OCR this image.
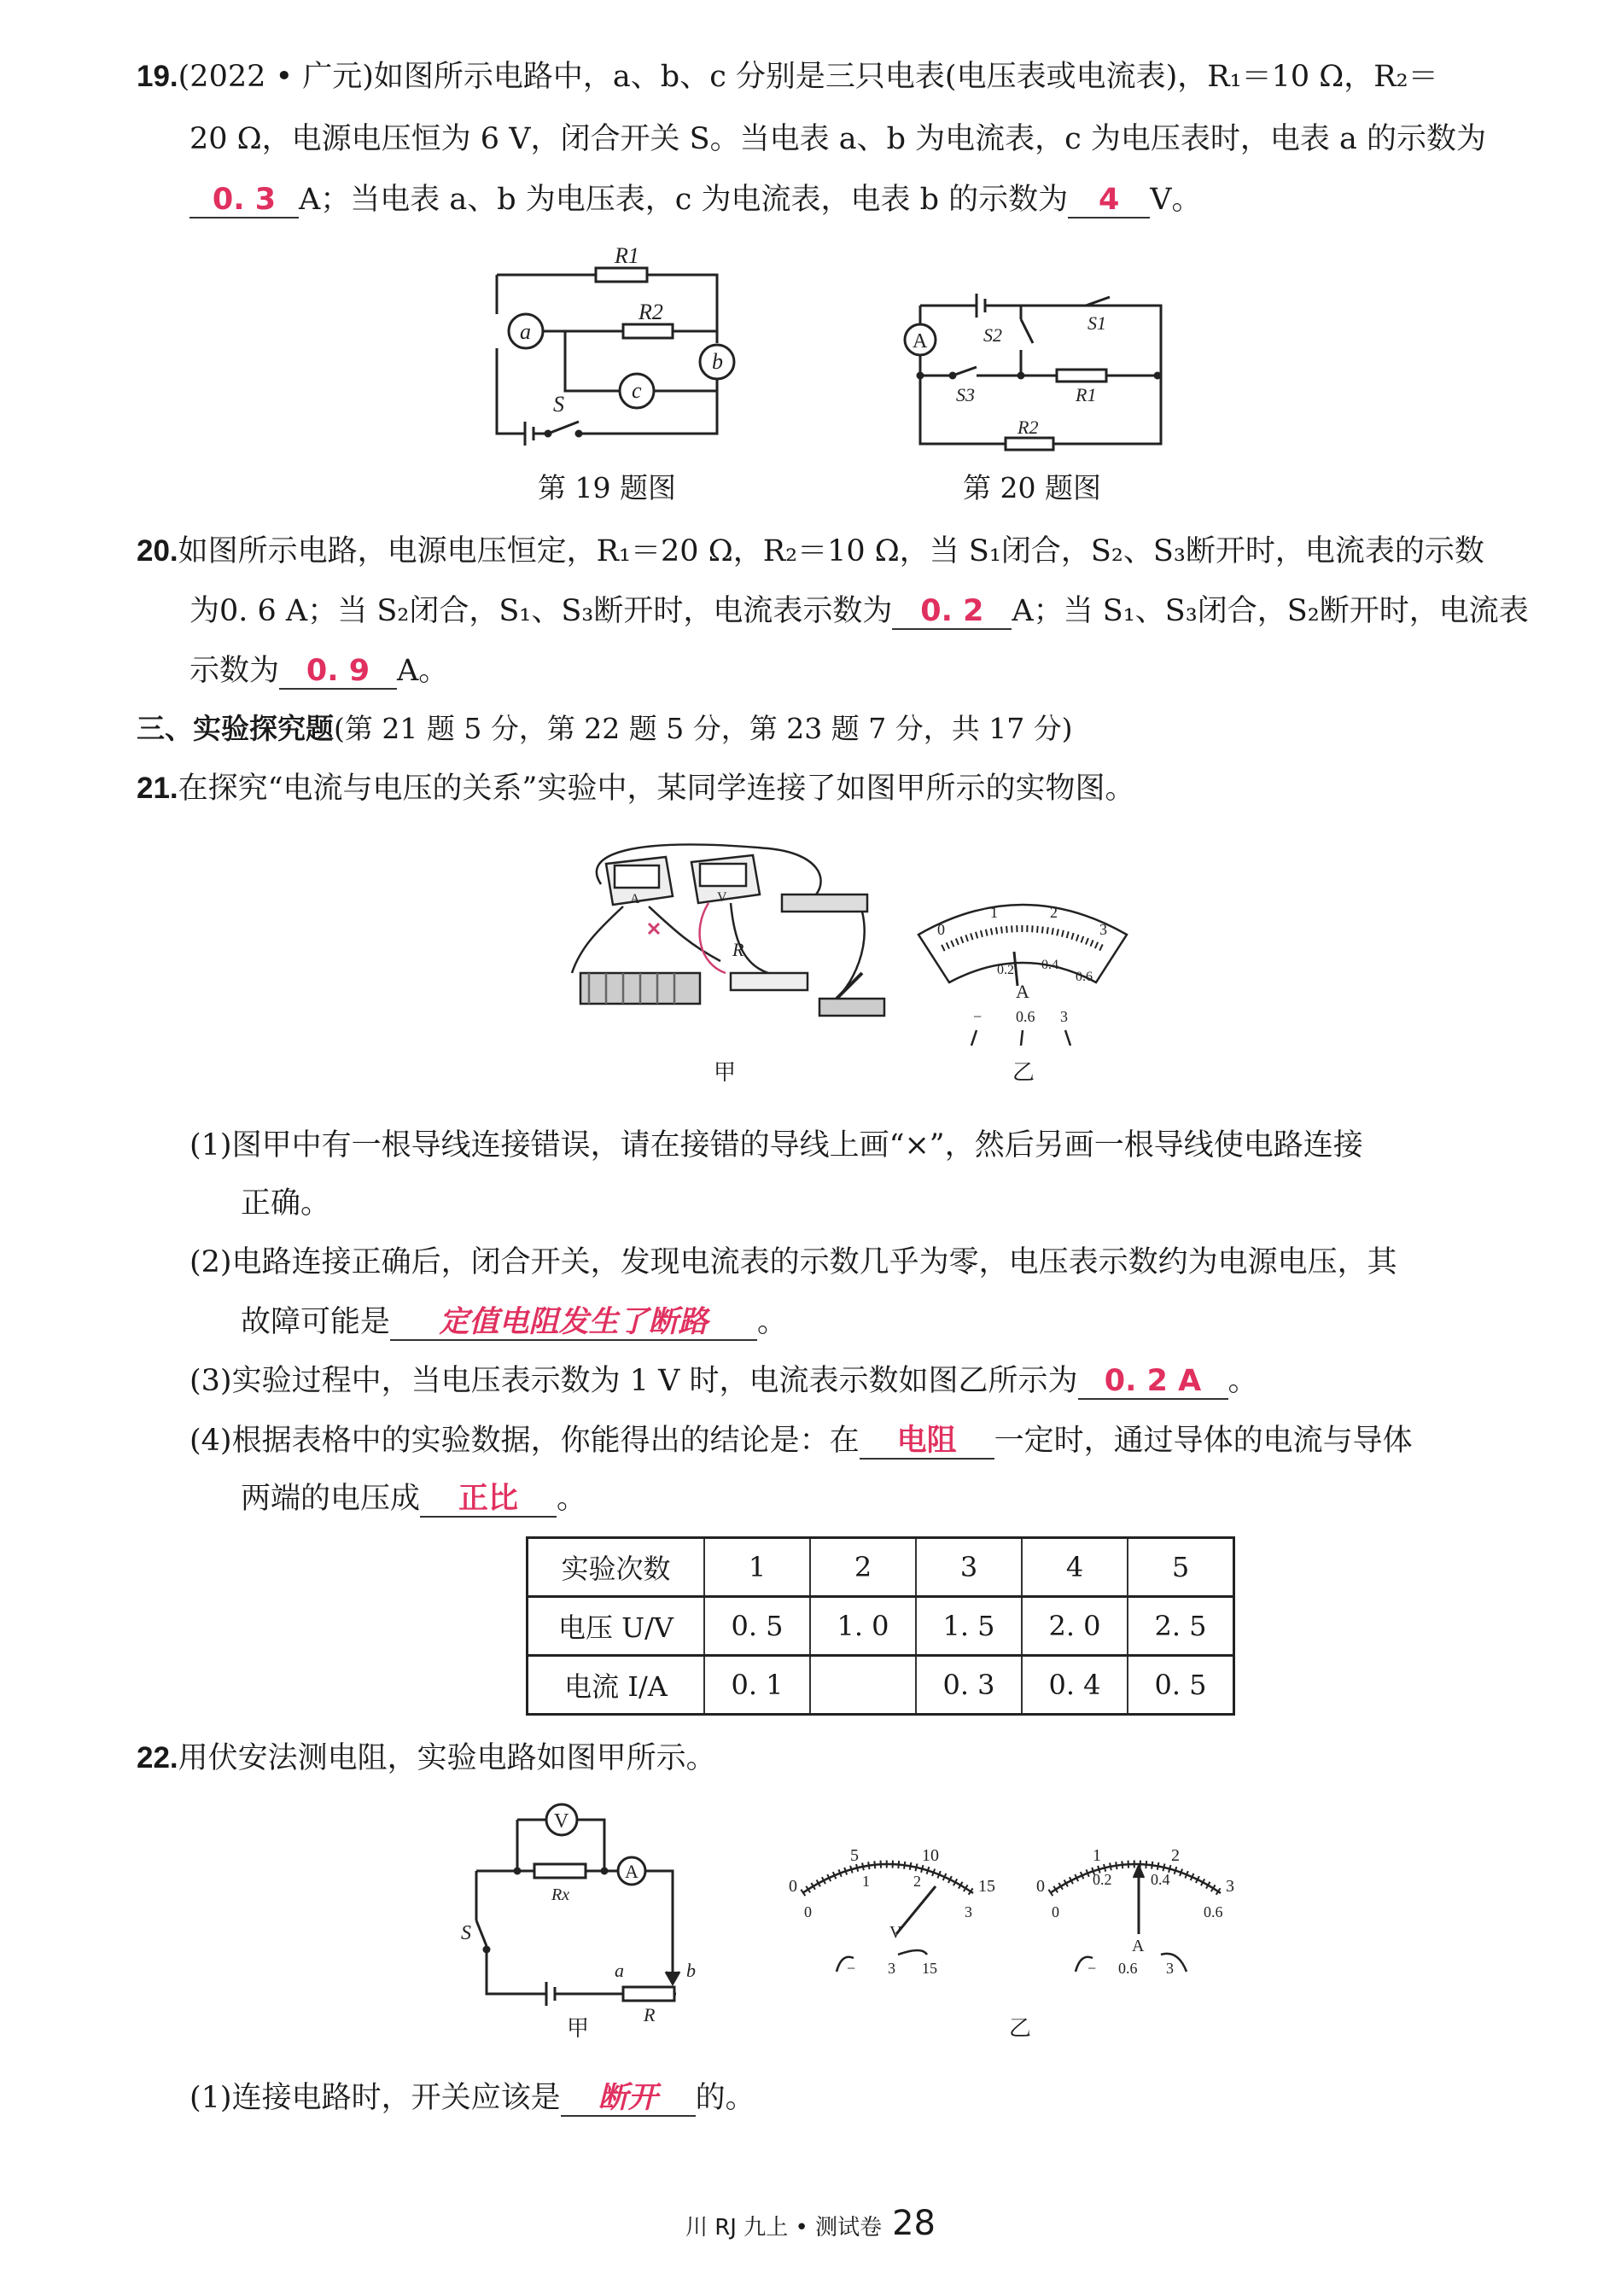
19.(2022 • 广元)如图所示电路中，a、b、c 分别是三只电表(电压表或电流表)，R₁＝10 Ω，R₂＝
20 Ω，电源电压恒为 6 V，闭合开关 S。当电表 a、b 为电流表，c 为电压表时，电表 a 的示数为
0. 3 A；当电表 a、b 为电压表，c 为电流表，电表 b 的示数为 4 V。
R1
a
R2
b
c
S
第 19 题图
A
S1
S2
S3	R1
R2
第 20 题图
20.如图所示电路，电源电压恒定，R₁＝20 Ω，R₂＝10 Ω，当 S₁闭合，S₂、S₃断开时，电流表的示数
为0. 6 A；当 S₂闭合，S₁、S₃断开时，电流表示数为 0. 2 A；当 S₁、S₃闭合，S₂断开时，电流表
示数为 0. 9 A。
三、实验探究题(第 21 题 5 分，第 22 题 5 分，第 23 题 7 分，共 17 分)
21.在探究“电流与电压的关系”实验中，某同学连接了如图甲所示的实物图。
A	V
R
甲
0
1	2
3
0.2 0.4
0.6
A
− 0.6 3
乙
(1)图甲中有一根导线连接错误，请在接错的导线上画“×”，然后另画一根导线使电路连接
正确。
(2)电路连接正确后，闭合开关，发现电流表的示数几乎为零，电压表示数约为电源电压，其
故障可能是 定值电阻发生了断路 。
(3)实验过程中，当电压表示数为 1 V 时，电流表示数如图乙所示为 0. 2 A 。
(4)根据表格中的实验数据，你能得出的结论是：在 电阻 一定时，通过导体的电流与导体
两端的电压成 正比 。
实验次数	1	2	3	4	5
电压 U/V	0. 5	1. 0	1. 5	2. 0	2. 5
电流 I/A	0. 1		0. 3	0. 4	0. 5
22.用伏安法测电阻，实验电路如图甲所示。
V
Rx
A
S
a	b
R
甲
0
5	10
15
0
1	2
3
V
− 3 15
0
1	2
3
0
0.2	0.4
0.6
A
− 0.6 3
乙
(1)连接电路时，开关应该是 断开 的。
川 RJ 九上 • 测试卷 28
